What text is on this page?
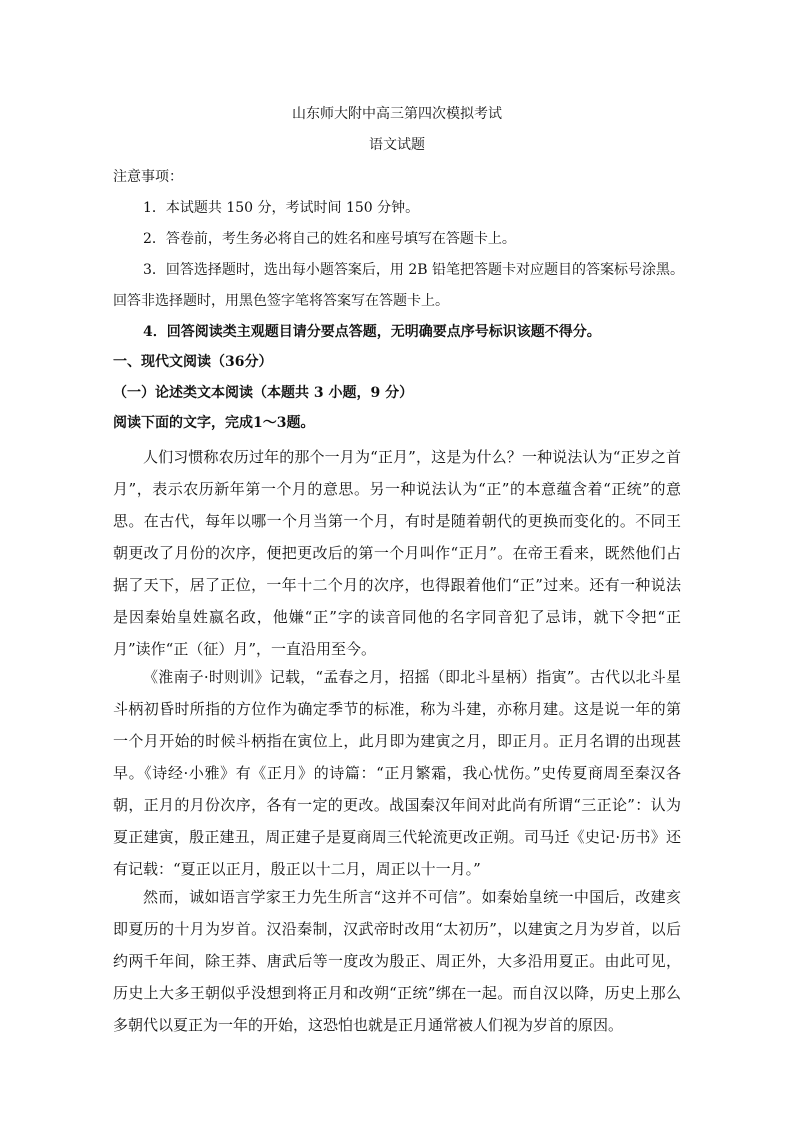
山东师大附中高三第四次模拟考试
语文试题
注意事项：
1．本试题共 150 分，考试时间 150 分钟。
2．答卷前，考生务必将自己的姓名和座号填写在答题卡上。
3．回答选择题时，选出每小题答案后，用 2B 铅笔把答题卡对应题目的答案标号涂黑。
回答非选择题时，用黑色签字笔将答案写在答题卡上。
4．回答阅读类主观题目请分要点答题，无明确要点序号标识该题不得分。
一、现代文阅读（36分）
（一）论述类文本阅读（本题共 3 小题，9 分）
阅读下面的文字，完成1～3题。
人们习惯称农历过年的那个一月为“正月”，这是为什么？一种说法认为“正岁之首月”，表示农历新年第一个月的意思。另一种说法认为“正”的本意蕴含着“正统”的意思。在古代，每年以哪一个月当第一个月，有时是随着朝代的更换而变化的。不同王朝更改了月份的次序，便把更改后的第一个月叫作“正月”。在帝王看来，既然他们占据了天下，居了正位，一年十二个月的次序，也得跟着他们“正”过来。还有一种说法是因秦始皇姓嬴名政，他嫌“正”字的读音同他的名字同音犯了忌讳，就下令把“正月”读作“正（征）月”，一直沿用至今。
《淮南子·时则训》记载，“孟春之月，招摇（即北斗星柄）指寅”。古代以北斗星斗柄初昏时所指的方位作为确定季节的标准，称为斗建，亦称月建。这是说一年的第一个月开始的时候斗柄指在寅位上，此月即为建寅之月，即正月。正月名谓的出现甚早。《诗经·小雅》有《正月》的诗篇：“正月繁霜，我心忧伤。”史传夏商周至秦汉各朝，正月的月份次序，各有一定的更改。战国秦汉年间对此尚有所谓“三正论”：认为夏正建寅，殷正建丑，周正建子是夏商周三代轮流更改正朔。司马迁《史记·历书》还有记载：“夏正以正月，殷正以十二月，周正以十一月。”
然而，诚如语言学家王力先生所言“这并不可信”。如秦始皇统一中国后，改建亥即夏历的十月为岁首。汉沿秦制，汉武帝时改用“太初历”，以建寅之月为岁首，以后约两千年间，除王莽、唐武后等一度改为殷正、周正外，大多沿用夏正。由此可见，历史上大多王朝似乎没想到将正月和改朔“正统”绑在一起。而自汉以降，历史上那么多朝代以夏正为一年的开始，这恐怕也就是正月通常被人们视为岁首的原因。
